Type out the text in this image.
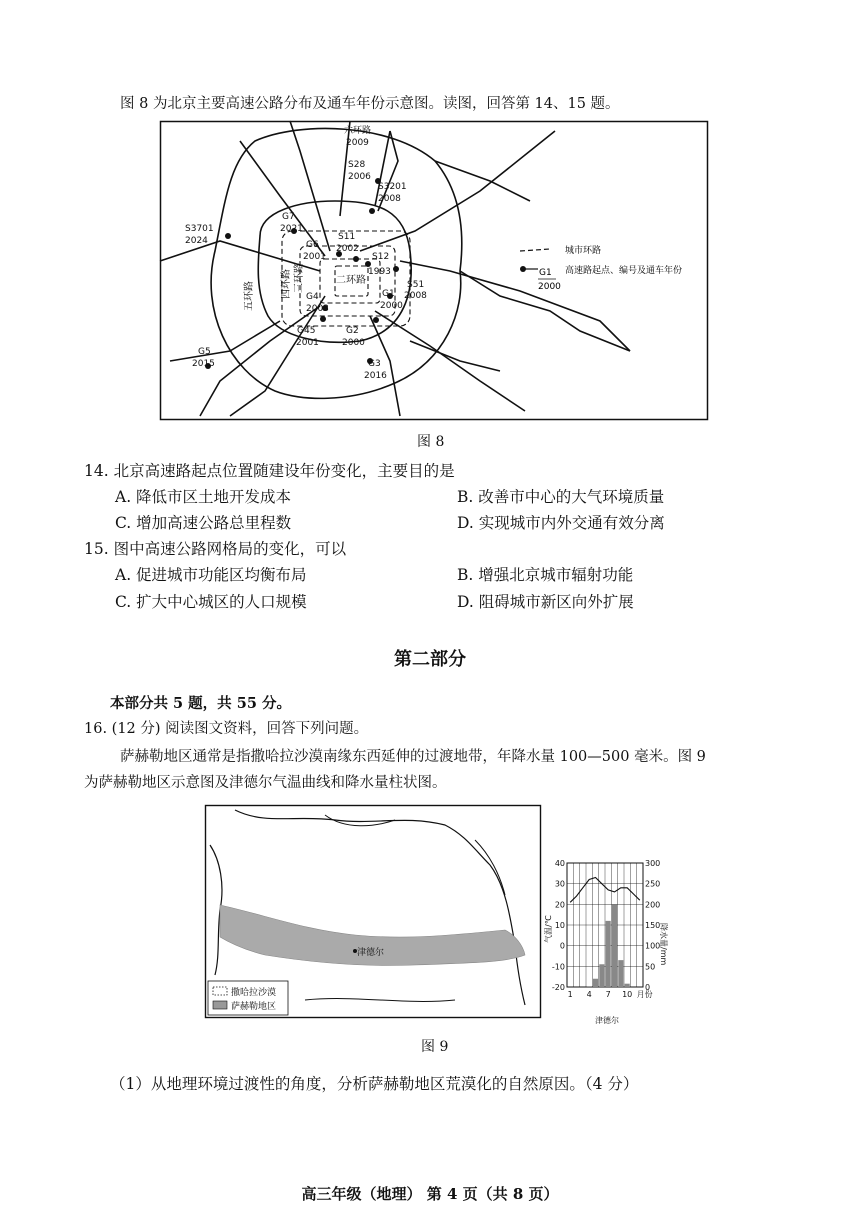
图 8 为北京主要高速公路分布及通车年份示意图。读图，回答第 14、15 题。
六环路
2009
S28
2006
S3201
2008
S3701
2024
G7
2021
G6
2001
S11
2002
S12
1993
S51
2008
G1
2000
G4
2003
G45
2001
G2
2000
G3
2016
G5
2015
五环路	四环路 三环路	二环路
城市环路
G1
2000
高速路起点、编号及通车年份
图 8
14. 北京高速路起点位置随建设年份变化，主要目的是
A. 降低市区土地开发成本	B. 改善市中心的大气环境质量
C. 增加高速公路总里程数	D. 实现城市内外交通有效分离
15. 图中高速公路网格局的变化，可以
A. 促进城市功能区均衡布局	B. 增强北京城市辐射功能
C. 扩大中心城区的人口规模	D. 阻碍城市新区向外扩展
第二部分
本部分共 5 题，共 55 分。
16. (12 分) 阅读图文资料，回答下列问题。
萨赫勒地区通常是指撒哈拉沙漠南缘东西延伸的过渡地带，年降水量 100—500 毫米。图 9
为萨赫勒地区示意图及津德尔气温曲线和降水量柱状图。
津德尔
撒哈拉沙漠
萨赫勒地区
40
30
20
10
0
-10
-20
300
250
200
150
100
50
0
1 4 7 10 月份
气温/℃	降水量/mm
津德尔
图 9
（1）从地理环境过渡性的角度，分析萨赫勒地区荒漠化的自然原因。（4 分）
高三年级（地理） 第 4 页（共 8 页）
